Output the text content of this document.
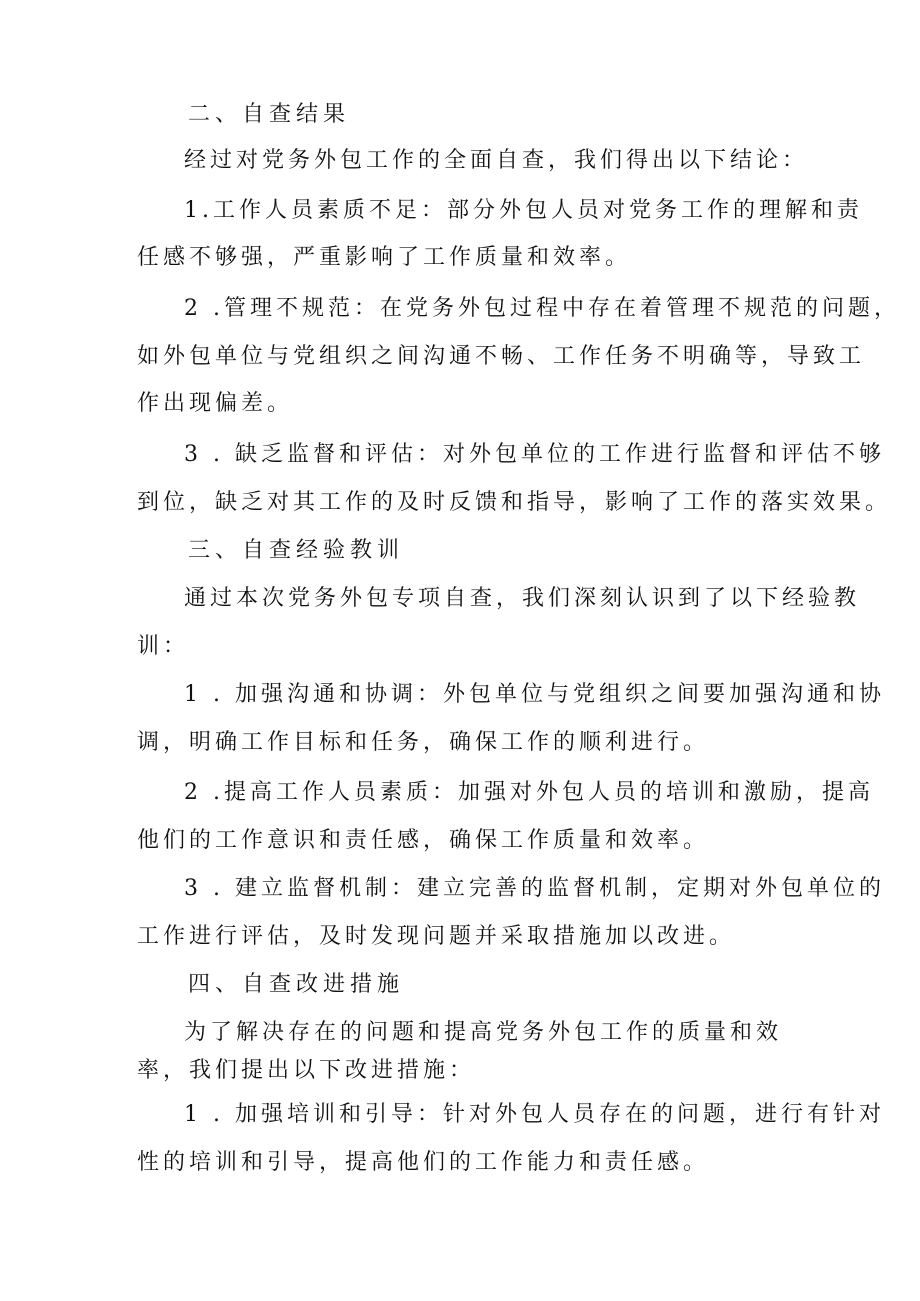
二、自查结果
经过对党务外包工作的全面自查，我们得出以下结论：
1.工作人员素质不足：部分外包人员对党务工作的理解和责
任感不够强，严重影响了工作质量和效率。
2 .管理不规范：在党务外包过程中存在着管理不规范的问题，
如外包单位与党组织之间沟通不畅、工作任务不明确等，导致工
作出现偏差。
3 . 缺乏监督和评估：对外包单位的工作进行监督和评估不够
到位，缺乏对其工作的及时反馈和指导，影响了工作的落实效果。
三、自查经验教训
通过本次党务外包专项自查，我们深刻认识到了以下经验教
训：
1 . 加强沟通和协调：外包单位与党组织之间要加强沟通和协
调，明确工作目标和任务，确保工作的顺利进行。
2 .提高工作人员素质：加强对外包人员的培训和激励，提高
他们的工作意识和责任感，确保工作质量和效率。
3 . 建立监督机制：建立完善的监督机制，定期对外包单位的
工作进行评估，及时发现问题并采取措施加以改进。
四、自查改进措施
为了解决存在的问题和提高党务外包工作的质量和效
率，我们提出以下改进措施：
1 . 加强培训和引导：针对外包人员存在的问题，进行有针对
性的培训和引导，提高他们的工作能力和责任感。
